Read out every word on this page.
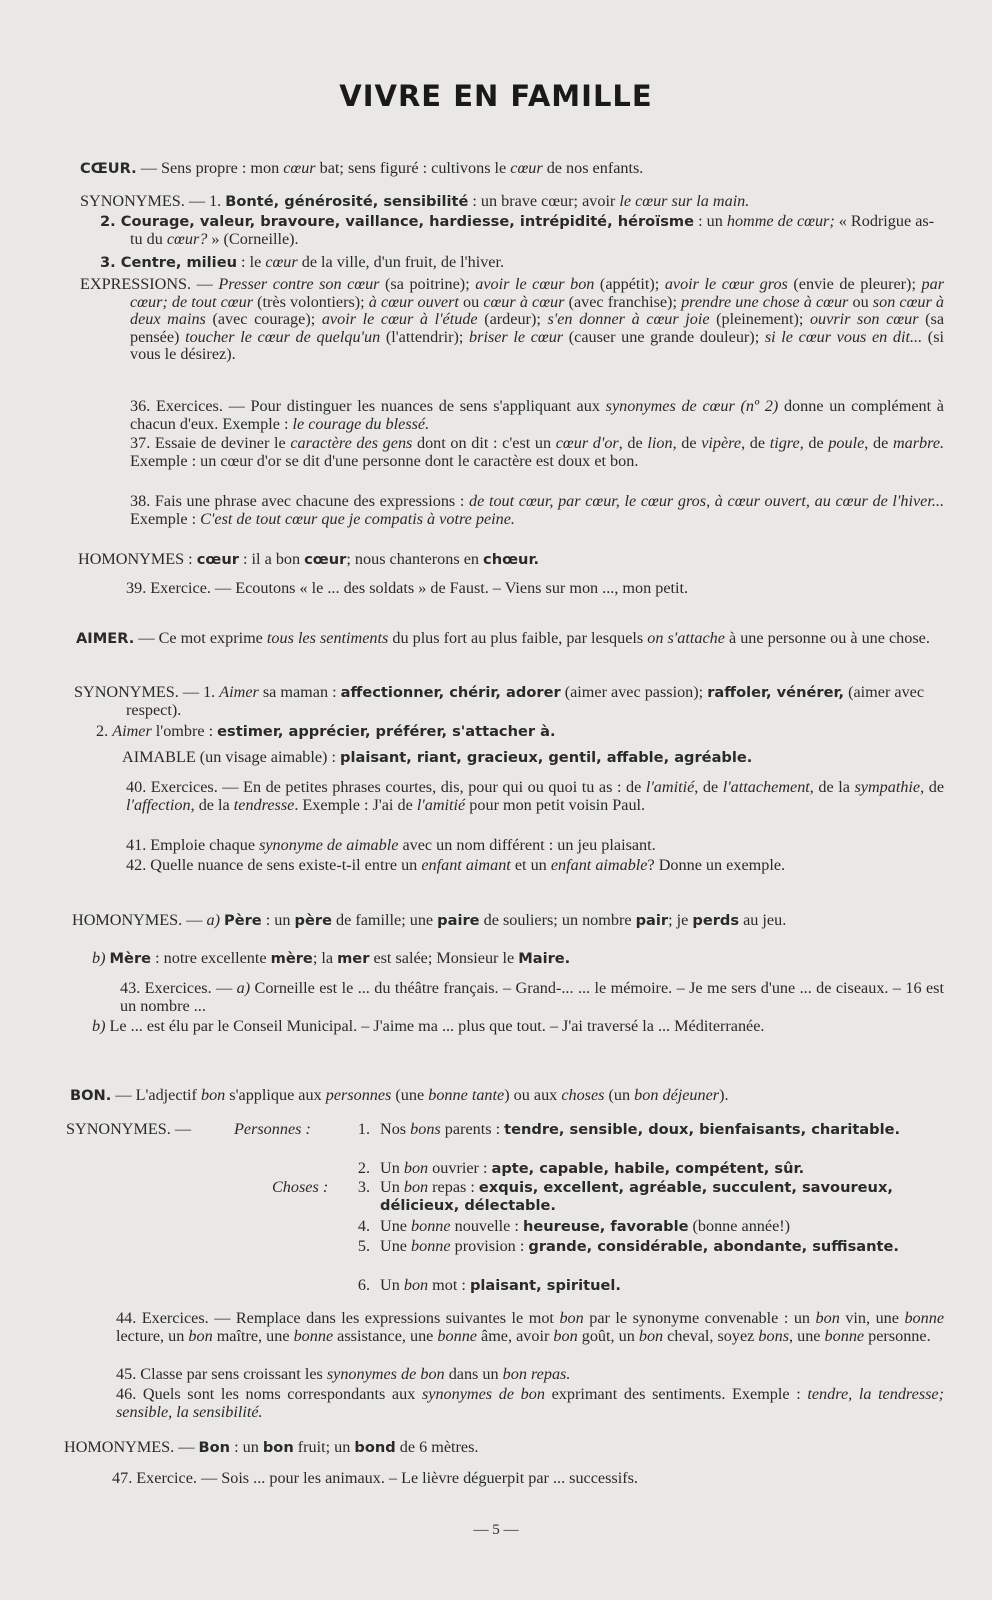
VIVRE EN FAMILLE
CŒUR. — Sens propre : mon cœur bat; sens figuré : cultivons le cœur de nos enfants.
SYNONYMES. — 1. Bonté, générosité, sensibilité : un brave cœur; avoir le cœur sur la main.
2. Courage, valeur, bravoure, vaillance, hardiesse, intrépidité, héroïsme : un homme de cœur; « Rodrigue as-tu du cœur? » (Corneille).
3. Centre, milieu : le cœur de la ville, d'un fruit, de l'hiver.
EXPRESSIONS. — Presser contre son cœur (sa poitrine); avoir le cœur bon (appétit); avoir le cœur gros (envie de pleurer); par cœur; de tout cœur (très volontiers); à cœur ouvert ou cœur à cœur (avec franchise); prendre une chose à cœur ou son cœur à deux mains (avec courage); avoir le cœur à l'étude (ardeur); s'en donner à cœur joie (pleinement); ouvrir son cœur (sa pensée) toucher le cœur de quelqu'un (l'attendrir); briser le cœur (causer une grande douleur); si le cœur vous en dit... (si vous le désirez).
36. Exercices. — Pour distinguer les nuances de sens s'appliquant aux synonymes de cœur (nº 2) donne un complément à chacun d'eux. Exemple : le courage du blessé.
37. Essaie de deviner le caractère des gens dont on dit : c'est un cœur d'or, de lion, de vipère, de tigre, de poule, de marbre. Exemple : un cœur d'or se dit d'une personne dont le caractère est doux et bon.
38. Fais une phrase avec chacune des expressions : de tout cœur, par cœur, le cœur gros, à cœur ouvert, au cœur de l'hiver... Exemple : C'est de tout cœur que je compatis à votre peine.
HOMONYMES : cœur : il a bon cœur; nous chanterons en chœur.
39. Exercice. — Ecoutons « le ... des soldats » de Faust. – Viens sur mon ..., mon petit.
AIMER. — Ce mot exprime tous les sentiments du plus fort au plus faible, par lesquels on s'attache à une personne ou à une chose.
SYNONYMES. — 1. Aimer sa maman : affectionner, chérir, adorer (aimer avec passion); raffoler, vénérer, (aimer avec respect).
2. Aimer l'ombre : estimer, apprécier, préférer, s'attacher à.
AIMABLE (un visage aimable) : plaisant, riant, gracieux, gentil, affable, agréable.
40. Exercices. — En de petites phrases courtes, dis, pour qui ou quoi tu as : de l'amitié, de l'attachement, de la sympathie, de l'affection, de la tendresse. Exemple : J'ai de l'amitié pour mon petit voisin Paul.
41. Emploie chaque synonyme de aimable avec un nom différent : un jeu plaisant.
42. Quelle nuance de sens existe-t-il entre un enfant aimant et un enfant aimable? Donne un exemple.
HOMONYMES. — a) Père : un père de famille; une paire de souliers; un nombre pair; je perds au jeu.
b) Mère : notre excellente mère; la mer est salée; Monsieur le Maire.
43. Exercices. — a) Corneille est le ... du théâtre français. – Grand-... ... le mémoire. – Je me sers d'une ... de ciseaux. – 16 est un nombre ...
b) Le ... est élu par le Conseil Municipal. – J'aime ma ... plus que tout. – J'ai traversé la ... Méditerranée.
BON. — L'adjectif bon s'applique aux personnes (une bonne tante) ou aux choses (un bon déjeuner).
SYNONYMES. —	Personnes :
Choses :
1. Nos bons parents : tendre, sensible, doux, bienfaisants, charitable.
2. Un bon ouvrier : apte, capable, habile, compétent, sûr.
3. Un bon repas : exquis, excellent, agréable, succulent, savoureux, délicieux, délectable.
4. Une bonne nouvelle : heureuse, favorable (bonne année!)
5. Une bonne provision : grande, considérable, abondante, suffisante.
6. Un bon mot : plaisant, spirituel.
44. Exercices. — Remplace dans les expressions suivantes le mot bon par le synonyme convenable : un bon vin, une bonne lecture, un bon maître, une bonne assistance, une bonne âme, avoir bon goût, un bon cheval, soyez bons, une bonne personne.
45. Classe par sens croissant les synonymes de bon dans un bon repas.
46. Quels sont les noms correspondants aux synonymes de bon exprimant des sentiments. Exemple : tendre, la tendresse; sensible, la sensibilité.
HOMONYMES. — Bon : un bon fruit; un bond de 6 mètres.
47. Exercice. — Sois ... pour les animaux. – Le lièvre déguerpit par ... successifs.
— 5 —
